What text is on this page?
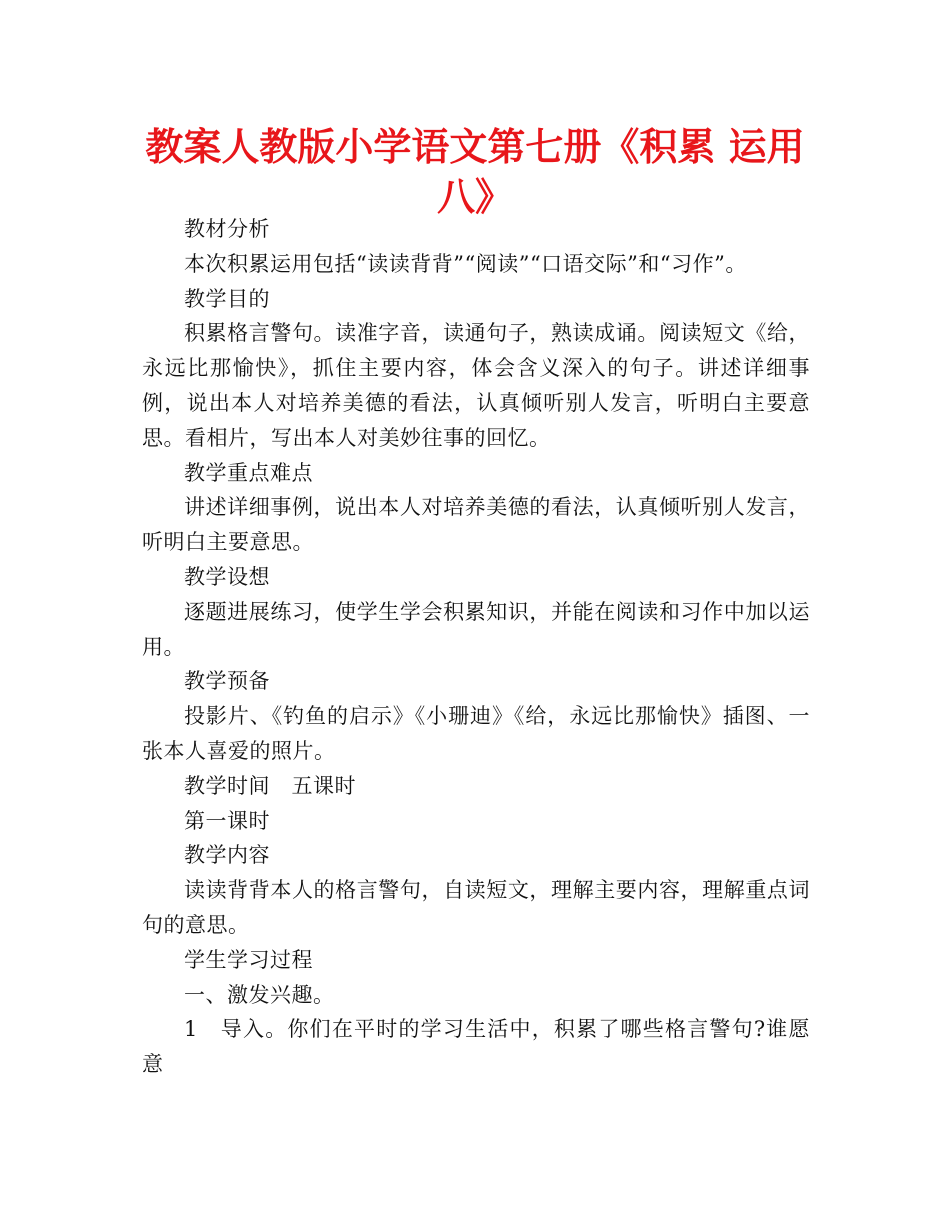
教案人教版小学语文第七册《积累 运用八》

教材分析

本次积累运用包括“读读背背”“阅读”“口语交际”和“习作”。

教学目的

积累格言警句。读准字音，读通句子，熟读成诵。阅读短文《给，永远比那愉快》，抓住主要内容，体会含义深入的句子。讲述详细事例，说出本人对培养美德的看法，认真倾听别人发言，听明白主要意思。看相片，写出本人对美妙往事的回忆。

教学重点难点

讲述详细事例，说出本人对培养美德的看法，认真倾听别人发言，听明白主要意思。

教学设想

逐题进展练习，使学生学会积累知识，并能在阅读和习作中加以运用。

教学预备

投影片、《钓鱼的启示》《小珊迪》《给，永远比那愉快》插图、一张本人喜爱的照片。

教学时间　五课时

第一课时

教学内容

读读背背本人的格言警句，自读短文，理解主要内容，理解重点词句的意思。

学生学习过程

一、激发兴趣。

1　导入。你们在平时的学习生活中，积累了哪些格言警句?谁愿意
